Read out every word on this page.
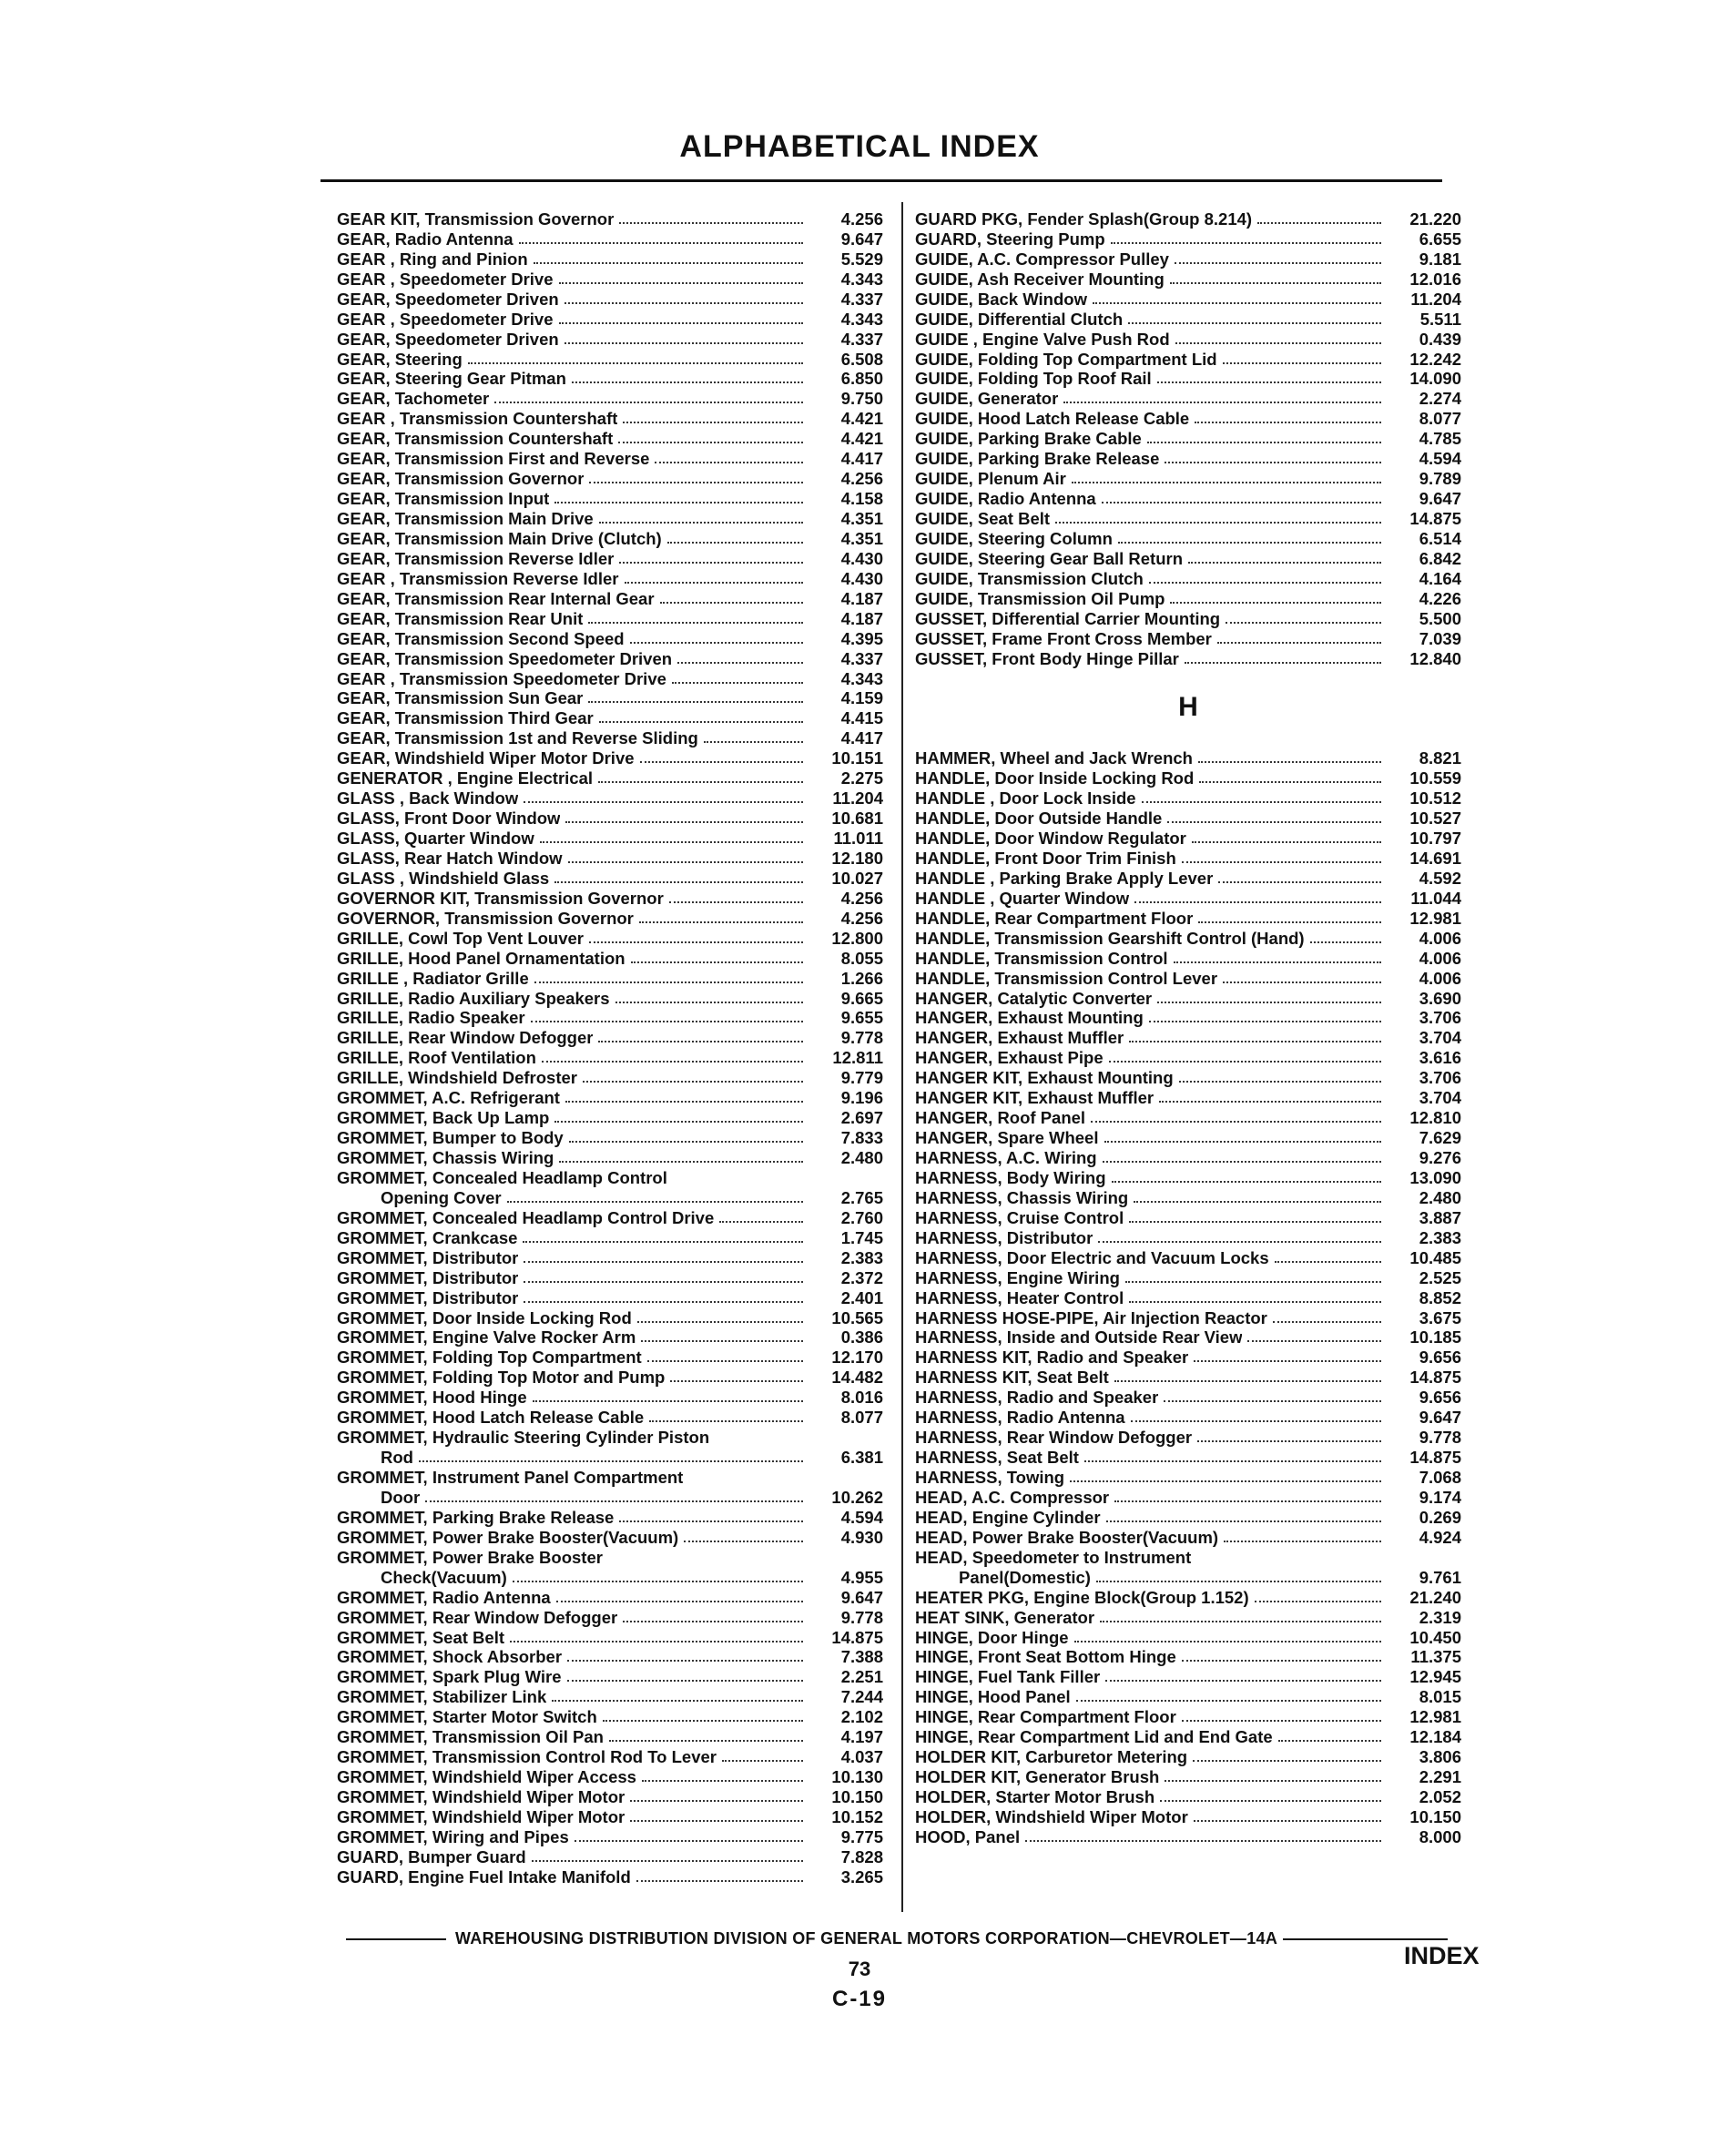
ALPHABETICAL INDEX
GEAR KIT, Transmission Governor	4.256
GEAR, Radio Antenna	9.647
GEAR , Ring and Pinion	5.529
GEAR , Speedometer Drive	4.343
GEAR, Speedometer Driven	4.337
GEAR , Speedometer Drive	4.343
GEAR, Speedometer Driven	4.337
GEAR, Steering	6.508
GEAR, Steering Gear Pitman	6.850
GEAR, Tachometer	9.750
GEAR , Transmission Countershaft	4.421
GEAR, Transmission Countershaft	4.421
GEAR, Transmission First and Reverse	4.417
GEAR, Transmission Governor	4.256
GEAR, Transmission Input	4.158
GEAR, Transmission Main Drive	4.351
GEAR, Transmission Main Drive (Clutch)	4.351
GEAR, Transmission Reverse Idler	4.430
GEAR , Transmission Reverse Idler	4.430
GEAR, Transmission Rear Internal Gear	4.187
GEAR, Transmission Rear Unit	4.187
GEAR, Transmission Second Speed	4.395
GEAR, Transmission Speedometer Driven	4.337
GEAR , Transmission Speedometer Drive	4.343
GEAR, Transmission Sun Gear	4.159
GEAR, Transmission Third Gear	4.415
GEAR, Transmission 1st and Reverse Sliding	4.417
GEAR, Windshield Wiper Motor Drive	10.151
GENERATOR , Engine Electrical	2.275
GLASS , Back Window	11.204
GLASS, Front Door Window	10.681
GLASS, Quarter Window	11.011
GLASS, Rear Hatch Window	12.180
GLASS , Windshield Glass	10.027
GOVERNOR KIT, Transmission Governor	4.256
GOVERNOR, Transmission Governor	4.256
GRILLE, Cowl Top Vent Louver	12.800
GRILLE, Hood Panel Ornamentation	8.055
GRILLE , Radiator Grille	1.266
GRILLE, Radio Auxiliary Speakers	9.665
GRILLE, Radio Speaker	9.655
GRILLE, Rear Window Defogger	9.778
GRILLE, Roof Ventilation	12.811
GRILLE, Windshield Defroster	9.779
GROMMET, A.C. Refrigerant	9.196
GROMMET, Back Up Lamp	2.697
GROMMET, Bumper to Body	7.833
GROMMET, Chassis Wiring	2.480
GROMMET, Concealed Headlamp Control
Opening Cover	2.765
GROMMET, Concealed Headlamp Control Drive	2.760
GROMMET, Crankcase	1.745
GROMMET, Distributor	2.383
GROMMET, Distributor	2.372
GROMMET, Distributor	2.401
GROMMET, Door Inside Locking Rod	10.565
GROMMET, Engine Valve Rocker Arm	0.386
GROMMET, Folding Top Compartment	12.170
GROMMET, Folding Top Motor and Pump	14.482
GROMMET, Hood Hinge	8.016
GROMMET, Hood Latch Release Cable	8.077
GROMMET, Hydraulic Steering Cylinder Piston
Rod	6.381
GROMMET, Instrument Panel Compartment
Door	10.262
GROMMET, Parking Brake Release	4.594
GROMMET, Power Brake Booster(Vacuum)	4.930
GROMMET, Power Brake Booster
Check(Vacuum)	4.955
GROMMET, Radio Antenna	9.647
GROMMET, Rear Window Defogger	9.778
GROMMET, Seat Belt	14.875
GROMMET, Shock Absorber	7.388
GROMMET, Spark Plug Wire	2.251
GROMMET, Stabilizer Link	7.244
GROMMET, Starter Motor Switch	2.102
GROMMET, Transmission Oil Pan	4.197
GROMMET, Transmission Control Rod To Lever	4.037
GROMMET, Windshield Wiper Access	10.130
GROMMET, Windshield Wiper Motor	10.150
GROMMET, Windshield Wiper Motor	10.152
GROMMET, Wiring and Pipes	9.775
GUARD, Bumper Guard	7.828
GUARD, Engine Fuel Intake Manifold	3.265
GUARD PKG, Fender Splash(Group 8.214)	21.220
GUARD, Steering Pump	6.655
GUIDE, A.C. Compressor Pulley	9.181
GUIDE, Ash Receiver Mounting	12.016
GUIDE, Back Window	11.204
GUIDE, Differential Clutch	5.511
GUIDE , Engine Valve Push Rod	0.439
GUIDE, Folding Top Compartment Lid	12.242
GUIDE, Folding Top Roof Rail	14.090
GUIDE, Generator	2.274
GUIDE, Hood Latch Release Cable	8.077
GUIDE, Parking Brake Cable	4.785
GUIDE, Parking Brake Release	4.594
GUIDE, Plenum Air	9.789
GUIDE, Radio Antenna	9.647
GUIDE, Seat Belt	14.875
GUIDE, Steering Column	6.514
GUIDE, Steering Gear Ball Return	6.842
GUIDE, Transmission Clutch	4.164
GUIDE, Transmission Oil Pump	4.226
GUSSET, Differential Carrier Mounting	5.500
GUSSET, Frame Front Cross Member	7.039
GUSSET, Front Body Hinge Pillar	12.840
H
HAMMER, Wheel and Jack Wrench	8.821
HANDLE, Door Inside Locking Rod	10.559
HANDLE , Door Lock Inside	10.512
HANDLE, Door Outside Handle	10.527
HANDLE, Door Window Regulator	10.797
HANDLE, Front Door Trim Finish	14.691
HANDLE , Parking Brake Apply Lever	4.592
HANDLE , Quarter Window	11.044
HANDLE, Rear Compartment Floor	12.981
HANDLE, Transmission Gearshift Control (Hand)	4.006
HANDLE, Transmission Control	4.006
HANDLE, Transmission Control Lever	4.006
HANGER, Catalytic Converter	3.690
HANGER, Exhaust Mounting	3.706
HANGER, Exhaust Muffler	3.704
HANGER, Exhaust Pipe	3.616
HANGER KIT, Exhaust Mounting	3.706
HANGER KIT, Exhaust Muffler	3.704
HANGER, Roof Panel	12.810
HANGER, Spare Wheel	7.629
HARNESS, A.C. Wiring	9.276
HARNESS, Body Wiring	13.090
HARNESS, Chassis Wiring	2.480
HARNESS, Cruise Control	3.887
HARNESS, Distributor	2.383
HARNESS, Door Electric and Vacuum Locks	10.485
HARNESS, Engine Wiring	2.525
HARNESS, Heater Control	8.852
HARNESS HOSE-PIPE, Air Injection Reactor	3.675
HARNESS, Inside and Outside Rear View	10.185
HARNESS KIT, Radio and Speaker	9.656
HARNESS KIT, Seat Belt	14.875
HARNESS, Radio and Speaker	9.656
HARNESS, Radio Antenna	9.647
HARNESS, Rear Window Defogger	9.778
HARNESS, Seat Belt	14.875
HARNESS, Towing	7.068
HEAD, A.C. Compressor	9.174
HEAD, Engine Cylinder	0.269
HEAD, Power Brake Booster(Vacuum)	4.924
HEAD, Speedometer to Instrument
Panel(Domestic)	9.761
HEATER PKG, Engine Block(Group 1.152)	21.240
HEAT SINK, Generator	2.319
HINGE, Door Hinge	10.450
HINGE, Front Seat Bottom Hinge	11.375
HINGE, Fuel Tank Filler	12.945
HINGE, Hood Panel	8.015
HINGE, Rear Compartment Floor	12.981
HINGE, Rear Compartment Lid and End Gate	12.184
HOLDER KIT, Carburetor Metering	3.806
HOLDER KIT, Generator Brush	2.291
HOLDER, Starter Motor Brush	2.052
HOLDER, Windshield Wiper Motor	10.150
HOOD, Panel	8.000
WAREHOUSING DISTRIBUTION DIVISION OF GENERAL MOTORS CORPORATION—CHEVROLET—14A
INDEX
73
C-19
